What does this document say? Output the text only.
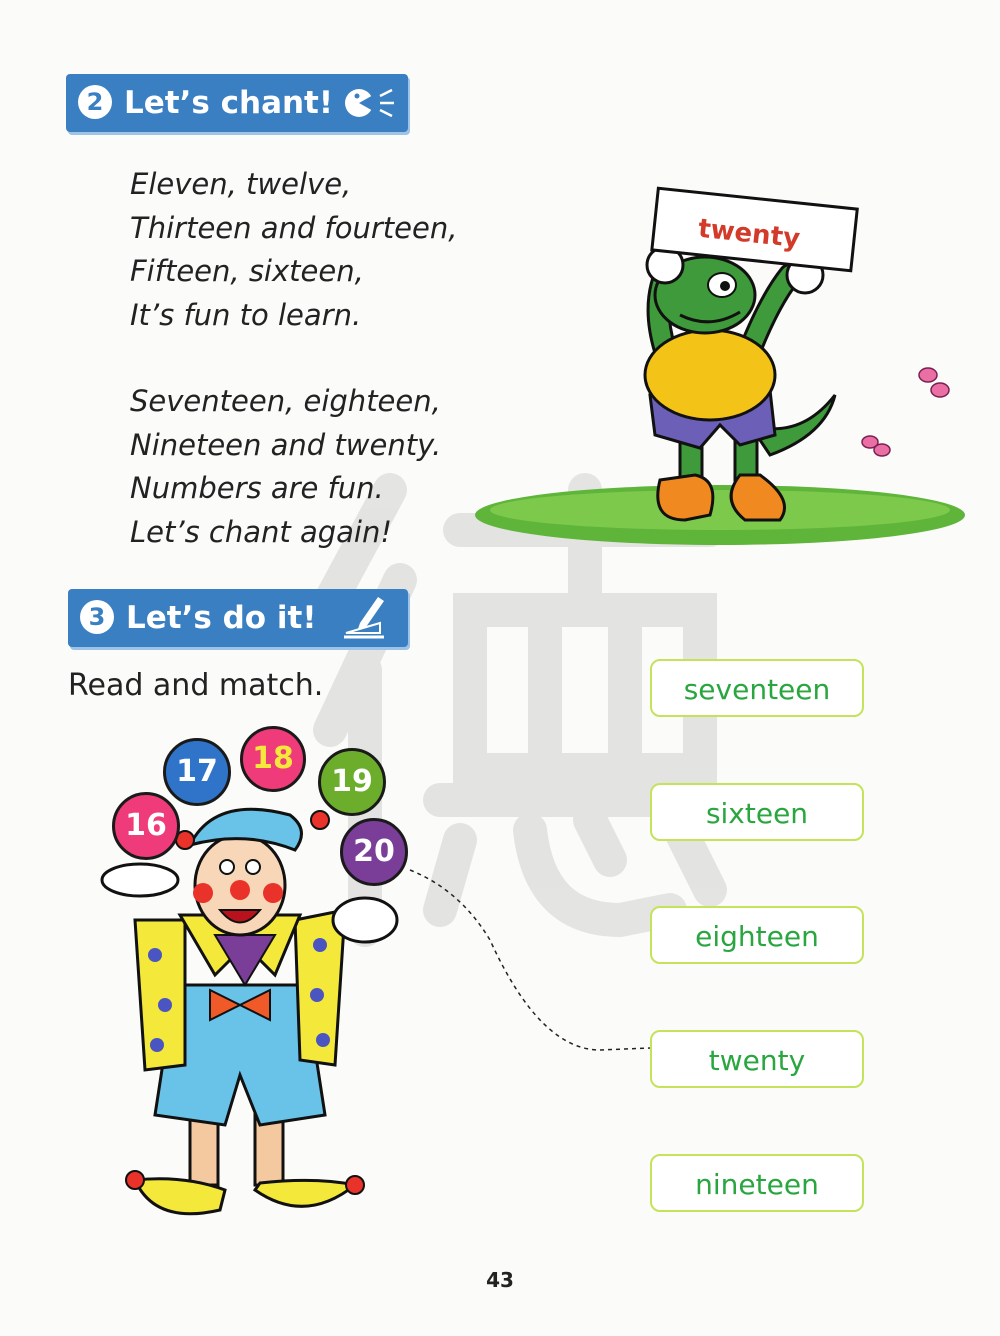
2 Let’s chant!
Eleven, twelve,
Thirteen and fourteen,
Fifteen, sixteen,
It’s fun to learn.
Seventeen, eighteen,
Nineteen and twenty.
Numbers are fun.
Let’s chant again!
twenty
3 Let’s do it!
Read and match.
16
17	18
19
20
seventeen
sixteen
eighteen
twenty
nineteen
43
